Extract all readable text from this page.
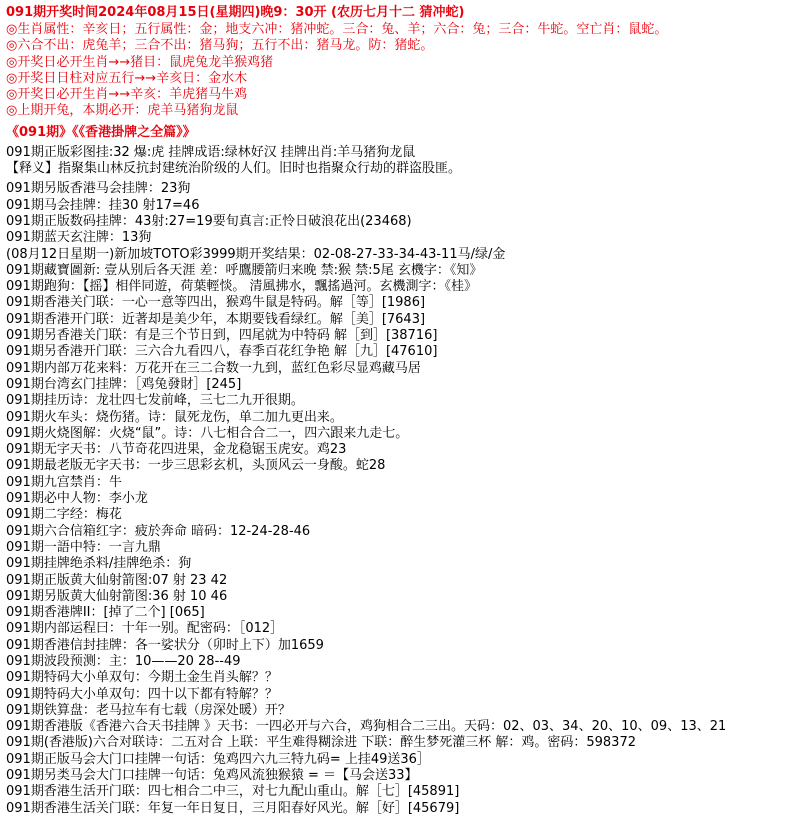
091期开奖时间2024年08月15日(星期四)晚9：30开 (农历七月十二 猜冲蛇)
◎生肖属性：辛亥日；五行属性：金；地支六冲：猪冲蛇。三合：兔、羊；六合：兔；三合：牛蛇。空亡肖：鼠蛇。
◎六合不出：虎兔羊；三合不出：猪马狗；五行不出：猪马龙。防：猪蛇。
◎开奖日必开生肖→→猪目：鼠虎兔龙羊猴鸡猪
◎开奖日日柱对应五行→→辛亥日：金水木
◎开奖日必开生肖→→辛亥：羊虎猪马牛鸡
◎上期开兔，本期必开：虎羊马猪狗龙鼠
《091期》《《香港掛牌之全篇》》
091期正版彩图挂:32 爆:虎 挂牌成语:绿林好汉 挂牌出肖:羊马猪狗龙鼠
【释义】指聚集山林反抗封建统治阶级的人们。旧时也指聚众行劫的群盗股匪。
091期另版香港马会挂牌：23狗
091期马会挂牌：挂30 射17=46
091期正版数码挂牌：43射:27=19要旬真言:正怜日破浪花出(23468)
091期蓝天玄注牌：13狗
(08月12日星期一)新加坡TOTO彩3999期开奖结果：02-08-27-33-34-43-11马/绿/金
091期藏寶圖新: 壹从别后各天涯 差：呼鷹腰箭归来晚 禁:猴 禁:5尾 玄機字：《知》
091期跑狗：【摇】相伴同遊，荷葉輕惔。 清風拂水，飄搖過河。玄機測字：《桂》
091期香港关门联：一心一意等四出，猴鸡牛鼠是特码。解［等］[1986]
091期香港开门联：近著却是美少年，本期要钱看绿红。解［美］[7643]
091期另香港关门联：有是三个节日到，四尾就为中特码 解［到］[38716]
091期另香港开门联：三六合九看四八，春季百花红争艳 解［九］[47610]
091期内部万花来料：万花开在三二合数一九到，蓝红色彩尽显鸡藏马居
091期台湾玄门挂牌：［鸡兔發財］[245]
091期挂历诗：龙壮四七发前峰，三七二九开很期。
091期火车头：烧伤猪。诗：鼠死龙伤，单二加九更出来。
091期火烧图解：火烧“鼠”。诗：八七相合合二一，四六跟来九走七。
091期无字天书：八节奇花四进果，金龙稳锯玉虎安。鸡23
091期最老版无字天书：一步三思彩玄机，头顶风云一身酸。蛇28
091期九宫禁肖：牛
091期必中人物：李小龙
091期二字经：梅花
091期六合信箱红字：疲於奔命 暗码：12-24-28-46
091期一語中特：一言九鼎
091期挂牌绝杀料/挂牌绝杀：狗
091期正版黄大仙射箭图:07 射 23 42
091期另版黄大仙射箭图:36 射 10 46
091期香港牌II：[掉了二个] [065]
091期内部运程曰：十年一别。配密码：［012］
091期香港信封挂牌：各一娑状分（卯时上下）加1659
091期波段预测：主：10——20 28--49
091期特码大小单双句：今期土金生肖头解？？
091期特码大小单双句：四十以下都有特解？？
091期铁算盘：老马拉车有七载（房深处暖）开？
091期香港版《香港六合天书挂牌 》天书：一四必开与六合，鸡狗相合二三出。天码：02、03、34、20、10、09、13、21
091期(香港版)六合对联诗：二五对合 上联：平生难得糊涂进 下联：醉生梦死灌三杯 解：鸡。密码：598372
091期正版马会大门口挂牌一句话：兔鸡四六九三特九码= 上挂49送36］
091期另类马会大门口挂牌一句话：兔鸡风流独猴猿 = ＝【马会送33】
091期香港生活开门联：四七相合二中三，对七九配山重山。解［七］[45891]
091期香港生活关门联：年复一年日复日，三月阳春好风光。解［好］[45679]
